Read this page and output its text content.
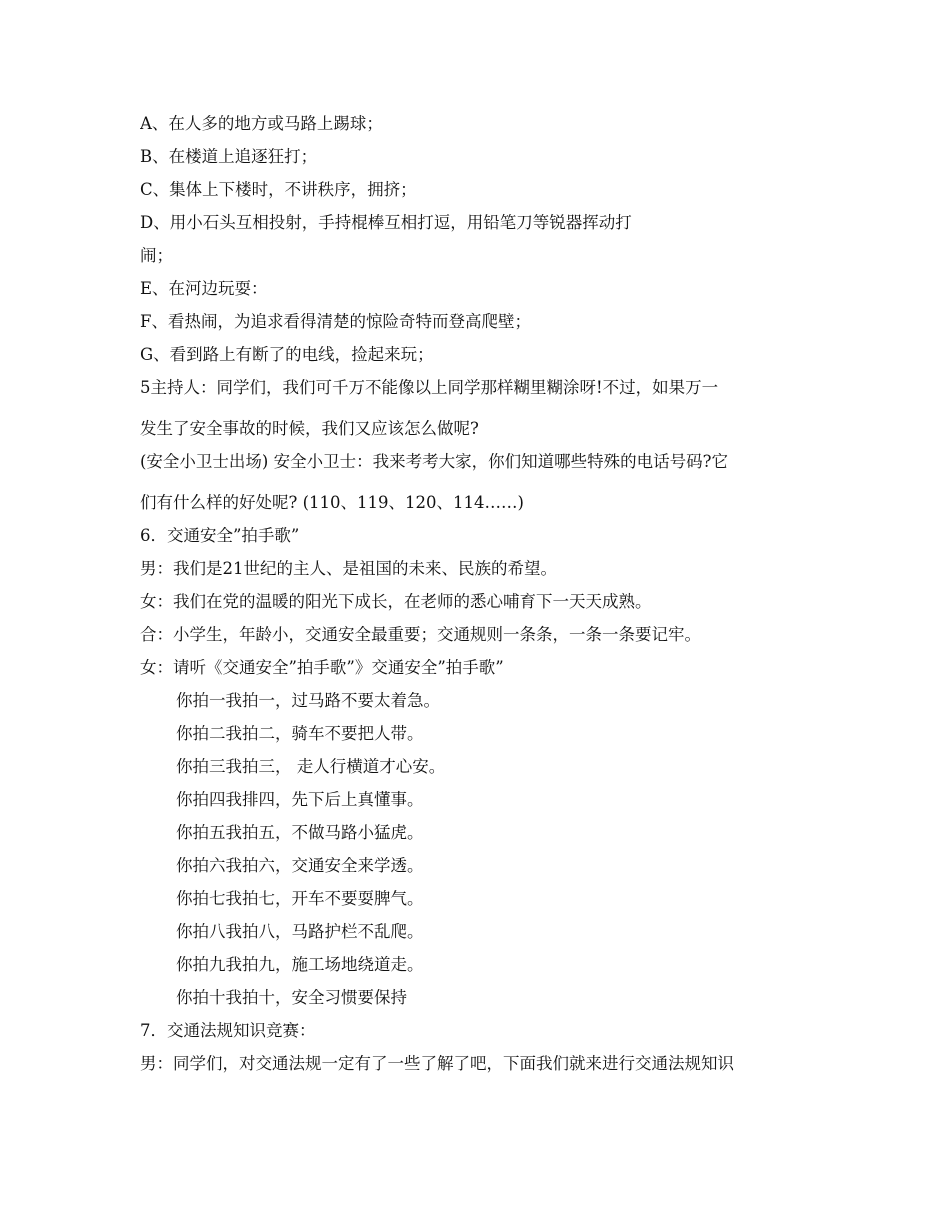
A、在人多的地方或马路上踢球；
B、在楼道上追逐狂打；
C、集体上下楼时，不讲秩序，拥挤；
D、用小石头互相投射，手持棍棒互相打逗，用铅笔刀等锐器挥动打
闹；
E、在河边玩耍：
F、看热闹，为追求看得清楚的惊险奇特而登高爬壁；
G、看到路上有断了的电线，捡起来玩；
5主持人：同学们，我们可千万不能像以上同学那样糊里糊涂呀!不过，如果万一
发生了安全事故的时候，我们又应该怎么做呢?
(安全小卫士出场) 安全小卫士：我来考考大家，你们知道哪些特殊的电话号码?它
们有什么样的好处呢? (110、119、120、114……)
6．交通安全”拍手歌”
男：我们是21世纪的主人、是祖国的未来、民族的希望。
女：我们在党的温暖的阳光下成长，在老师的悉心哺育下一天天成熟。
合：小学生，年龄小，交通安全最重要；交通规则一条条，一条一条要记牢。
女：请听《交通安全”拍手歌”》交通安全”拍手歌”
你拍一我拍一，过马路不要太着急。
你拍二我拍二，骑车不要把人带。
你拍三我拍三， 走人行横道才心安。
你拍四我排四，先下后上真懂事。
你拍五我拍五，不做马路小猛虎。
你拍六我拍六，交通安全来学透。
你拍七我拍七，开车不要耍脾气。
你拍八我拍八，马路护栏不乱爬。
你拍九我拍九，施工场地绕道走。
你拍十我拍十，安全习惯要保持
7．交通法规知识竞赛：
男：同学们，对交通法规一定有了一些了解了吧，下面我们就来进行交通法规知识
